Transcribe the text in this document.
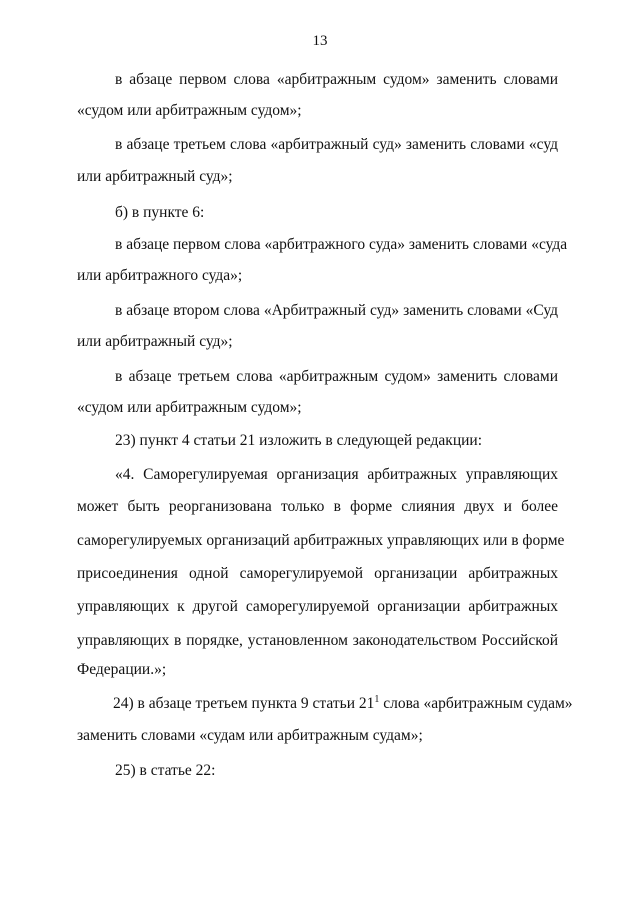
13
в абзаце первом слова «арбитражным судом» заменить словами
«судом или арбитражным судом»;
в абзаце третьем слова «арбитражный суд» заменить словами «суд
или арбитражный суд»;
б) в пункте 6:
в абзаце первом слова «арбитражного суда» заменить словами «суда
или арбитражного суда»;
в абзаце втором слова «Арбитражный суд» заменить словами «Суд
или арбитражный суд»;
в абзаце третьем слова «арбитражным судом» заменить словами
«судом или арбитражным судом»;
23) пункт 4 статьи 21 изложить в следующей редакции:
«4. Саморегулируемая организация арбитражных управляющих
может быть реорганизована только в форме слияния двух и более
саморегулируемых организаций арбитражных управляющих или в форме
присоединения одной саморегулируемой организации арбитражных
управляющих к другой саморегулируемой организации арбитражных
управляющих в порядке, установленном законодательством Российской
Федерации.»;
24) в абзаце третьем пункта 9 статьи $21^1$ слова «арбитражным судам»
заменить словами «судам или арбитражным судам»;
25) в статье 22:
